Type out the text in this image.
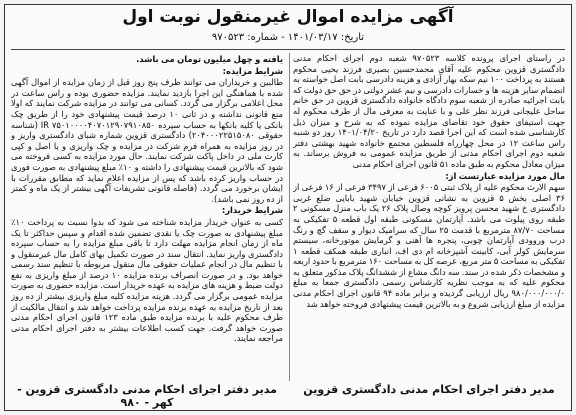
آگهی مزایده اموال غیرمنقول نوبت اول
تاریخ: ۱۴۰۱/۰۳/۱۷ - شماره: ۹۷۰۵۲۳
در راستای اجرای پرونده کلاسه ۹۷۰۵۲۳ شعبه دوم اجرای احکام مدنی دادگستری قزوین محکوم علیه آقای محمدحسین بصیری فرزند یحیی محکوم هستند به پرداخت ۱۰۰ نیم سکه بهار آزادی و هزینه دادرسی بابت اصل خواسته به انضمام سایر هزینه ها و خسارات دادرسی و نیم عشر دولتی در حق حق دولت که بابت اجرائیه صادره از شعبه سوم دادگاه خانواده دادگستری قزوین در حق خانم ساحل علیجانی فرزند نظر علی و با عنایت به معرفی مال از طرف محکوم له جهت استیفای حقوق خود تقاضای مزایده نموده که به شرح و میزان ذیل کارشناسی شده است که این اجرا قصد دارد در تاریخ ۱۴۰۱/۰۴/۲۰ روز دو شنبه راس ساعت ۱۲ در محل چهارراه فلسطین مجتمع خانواده شهید بهشتی دفتر شعبه دوم اجرای احکام مدنی از طریق مزایده عمومی به فروش برساند. به میزان معادل محکوم به طبق ماده ۵۱ قانون اجرای احکام مدنی
مال مورد مزایده عبارتست از:
سهم الارث محکوم علیه از پلاک ثبتی ۶۰۰۵ فرعی از ۳۴۹۷ فرعی از ۱۶ فرعی از ۳۶ اصلی بخش ۵ قزوین به نشانی قزوین خیابان شهید بابایی ضلع غربی دادگستری خ شهید محسن پرویز کوچه وصال پلاک ۲۶ یک باب منزل مسکونی ۲ طبقه روی پیلوت می باشد. آپارتمان مسکونی طبقه اول قطعه ۵ تفکیکی به مساحت ۸۷/۷۰ مترمربع با قدمت ۲۵ سال که سرامیک دیوار و سقف گچ و رنگ درب وروودی آپارتمان چوبی، پنجره ها آهنی و گرمایش موتورخانه، سیستم سرمایش کولر آبی، کابینت آشپزخانه ام دی اف، انباری طبقه همکف قطعه ۱ تفکیکی به مساحت ۵ متر مربع، عرصه کل به مساحت ۱۶۰ مترمربع با حدود اربعه و مشخصات ذکر شده در سند. سه دانگ مشاع از ششدانگ پلاک مذکور متعلق به محکوم علیه که به موجب نظریه کارشناس رسمی دادگستری جمعا به مبلغ ۹۸۰/۰۰۰/۰۰۰/۰ ریال ارزیابی گردیده و برابر ماده ۹۴ قانون اجرای احکام مدنی مزایده از مبلغ ارزیابی شروع و به بالاترین قیمت پیشنهادی فروخته خواهد شد
یافته و چهل میلیون تومان می باشد.
شرایط مزایده:
طالبین و خریداران می توانند ظرف پنج روز قبل از زمان مزایده از اموال آگهی شده با هماهنگی این اجرا بازدید نمایند. مزایده حضوری بوده و راس ساعت در محل اعلامی برگزار می گردد. کسانی می توانند در مزایده شرکت نمایند که اولا منع قانونی نداشته و در ثانی ۱۰ درصد قیمت پیشنهادی خود را از طریق چک بانکی یا کلیه بانکها به حساب سپرده IR ۷۵۰۱۰۰۰۰۴۰۷۰۱۲۹۰۷۹۱۰۸۵۰ (شناسه حقوقی ۲۰۴۰۰۰۲۲۵۱۵۰۸۰) دادگستری قزوین شماره شبای دادگستری واریز و در روز مزایده به همراه فرم شرکت در مزایده و چک واریزی و یا اصل و کپی کارت ملی در داخل پاکت شرکت نمایند. حال مورد مزایده به کسی فروخته می شود که بالاترین قیمت پیشنهادی را داشته و ۱۰٪ مبلغ پیشنهادی به صورت فوری در حساب واریز کرده باشد که پس از مزایده اعلام نماید که مطابق مقررات با ایشان برخورد می گردد. (فاصله قانونی تشریفات آگهی بیشتر از یک ماه و کمتر از ده روز نمی باشد).
شرایط خریدار:
کسی به عنوان خریدار مزایده شناخته می شود که بدوا نسبت به پرداخت ۱۰٪ مبلغ پیشنهادی به صورت چک یا نقدی تضمین شده اقدام و سپس حداکثر تا یک ماه از زمان انجام مزایده مهلت دارد تا باقی مبلغ مزایده را به حساب سپرده دادگستری واریز نماید. انتقال سند در صورت تکمیل بهای کامل مال غیرمنقول و با تنظیم مال در انجام عملیات حقوقی مال منقول مربوطه با تنظیم سند رسمی خواهد بود. و در صورت انصراف برنده مزایده ۱۰ درصد از مبلغ واریزی به نفع دولت ضبط و هزینه های مزایده به عهده خریدار است. مزایده حضوری به صورت مزایده عمومی برگزار می گردد. هزینه مزایده کلیه مبلغ واریزی بیشتر از ده روز بعد از تاریخ مزایده به عهده برنده مزایده پرداخت خواهد شد و انتقال مالکیت از طرف محکوم علیه با برنده مزایده طبق ماده ۱۲۳ قانون اجرای احکام مدنی صورت خواهد گرفت. جهت کسب اطلاعات بیشتر به دفتر اجرای احکام مدنی مراجعه نمایند.
مدیر دفتر اجرای احکام مدنی دادگستری قزوین - کهر - ۹۸۰
مدیر دفتر اجرای احکام مدنی دادگستری قزوین
